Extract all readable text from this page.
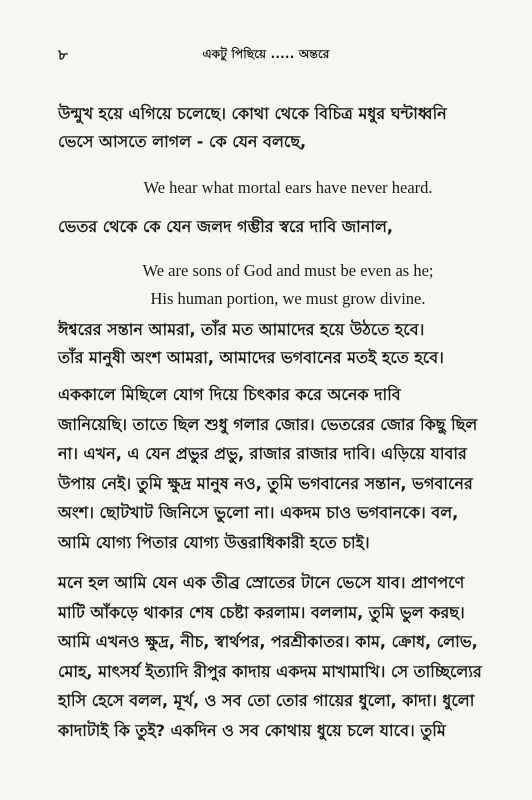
৮	একটু পিছিয়ে ..... অন্তরে

উন্মুখ হয়ে এগিয়ে চলেছে। কোথা থেকে বিচিত্র মধুর ঘন্টাধ্বনি

ভেসে আসতে লাগল - কে যেন বলছে,

We hear what mortal ears have never heard.

ভেতর থেকে কে যেন জলদ গম্ভীর স্বরে দাবি জানাল,

We are sons of God and must be even as he;

His human portion, we must grow divine.

ঈশ্বরের সন্তান আমরা, তাঁর মত আমাদের হয়ে উঠতে হবে।

তাঁর মানুষী অংশ আমরা, আমাদের ভগবানের মতই হতে হবে।

এককালে মিছিলে যোগ দিয়ে চিৎকার করে অনেক দাবি

জানিয়েছি। তাতে ছিল শুধু গলার জোর। ভেতরের জোর কিছু ছিল

না। এখন, এ যেন প্রভুর প্রভু, রাজার রাজার দাবি। এড়িয়ে যাবার

উপায় নেই। তুমি ক্ষুদ্র মানুষ নও, তুমি ভগবানের সন্তান, ভগবানের

অংশ। ছোটখাট জিনিসে ভুলো না। একদম চাও ভগবানকে। বল,

আমি যোগ্য পিতার যোগ্য উত্তরাধিকারী হতে চাই।

মনে হল আমি যেন এক তীব্র স্রোতের টানে ভেসে যাব। প্রাণপণে

মাটি আঁকড়ে থাকার শেষ চেষ্টা করলাম। বললাম, তুমি ভুল করছ।

আমি এখনও ক্ষুদ্র, নীচ, স্বার্থপর, পরশ্রীকাতর। কাম, ক্রোধ, লোভ,

মোহ, মাৎসর্য ইত্যাদি রীপুর কাদায় একদম মাখামাখি। সে তাচ্ছিল্যের

হাসি হেসে বলল, মূর্খ, ও সব তো তোর গায়ের ধুলো, কাদা। ধুলো

কাদাটাই কি তুই? একদিন ও সব কোথায় ধুয়ে চলে যাবে। তুমি
